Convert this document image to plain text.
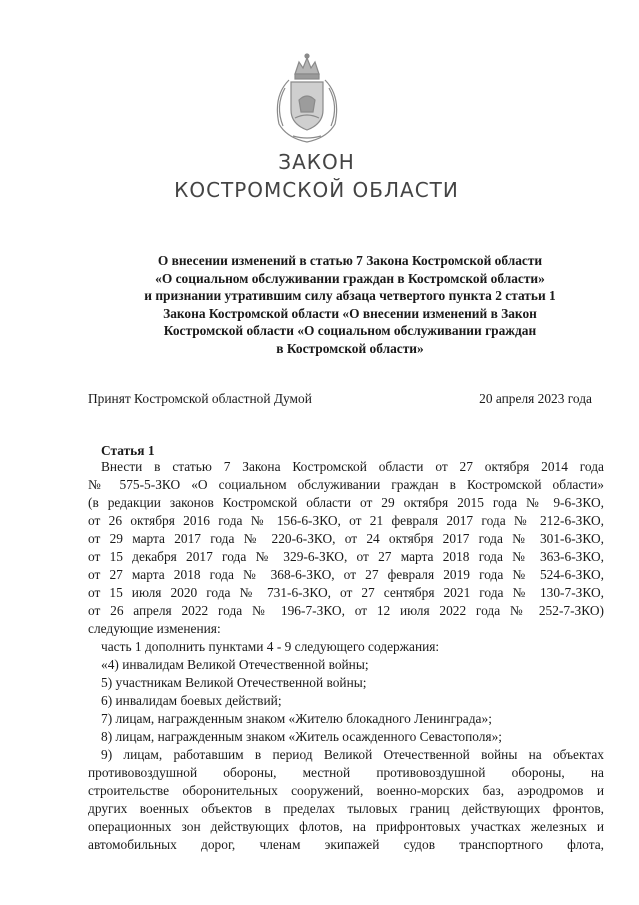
ЗАКОН
КОСТРОМСКОЙ ОБЛАСТИ
О внесении изменений в статью 7 Закона Костромской области
«О социальном обслуживании граждан в Костромской области»
и признании утратившим силу абзаца четвертого пункта 2 статьи 1
Закона Костромской области «О внесении изменений в Закон
Костромской области «О социальном обслуживании граждан
в Костромской области»
Принят Костромской областной Думой	20 апреля 2023 года
Статья 1
Внести в статью 7 Закона Костромской области от 27 октября 2014 года
№ 575-5-ЗКО «О социальном обслуживании граждан в Костромской области»
(в редакции законов Костромской области от 29 октября 2015 года № 9-6-ЗКО,
от 26 октября 2016 года № 156-6-ЗКО, от 21 февраля 2017 года № 212-6-ЗКО,
от 29 марта 2017 года № 220-6-ЗКО, от 24 октября 2017 года № 301-6-ЗКО,
от 15 декабря 2017 года № 329-6-ЗКО, от 27 марта 2018 года № 363-6-ЗКО,
от 27 марта 2018 года № 368-6-ЗКО, от 27 февраля 2019 года № 524-6-ЗКО,
от 15 июля 2020 года № 731-6-ЗКО, от 27 сентября 2021 года № 130-7-ЗКО,
от 26 апреля 2022 года № 196-7-ЗКО, от 12 июля 2022 года № 252-7-ЗКО)
следующие изменения:
часть 1 дополнить пунктами 4 - 9 следующего содержания:
«4) инвалидам Великой Отечественной войны;
5) участникам Великой Отечественной войны;
6) инвалидам боевых действий;
7) лицам, награжденным знаком «Жителю блокадного Ленинграда»;
8) лицам, награжденным знаком «Житель осажденного Севастополя»;
9) лицам, работавшим в период Великой Отечественной войны на объектах
противовоздушной обороны, местной противовоздушной обороны, на
строительстве оборонительных сооружений, военно-морских баз, аэродромов и
других военных объектов в пределах тыловых границ действующих фронтов,
операционных зон действующих флотов, на прифронтовых участках железных и
автомобильных дорог, членам экипажей судов транспортного флота,
